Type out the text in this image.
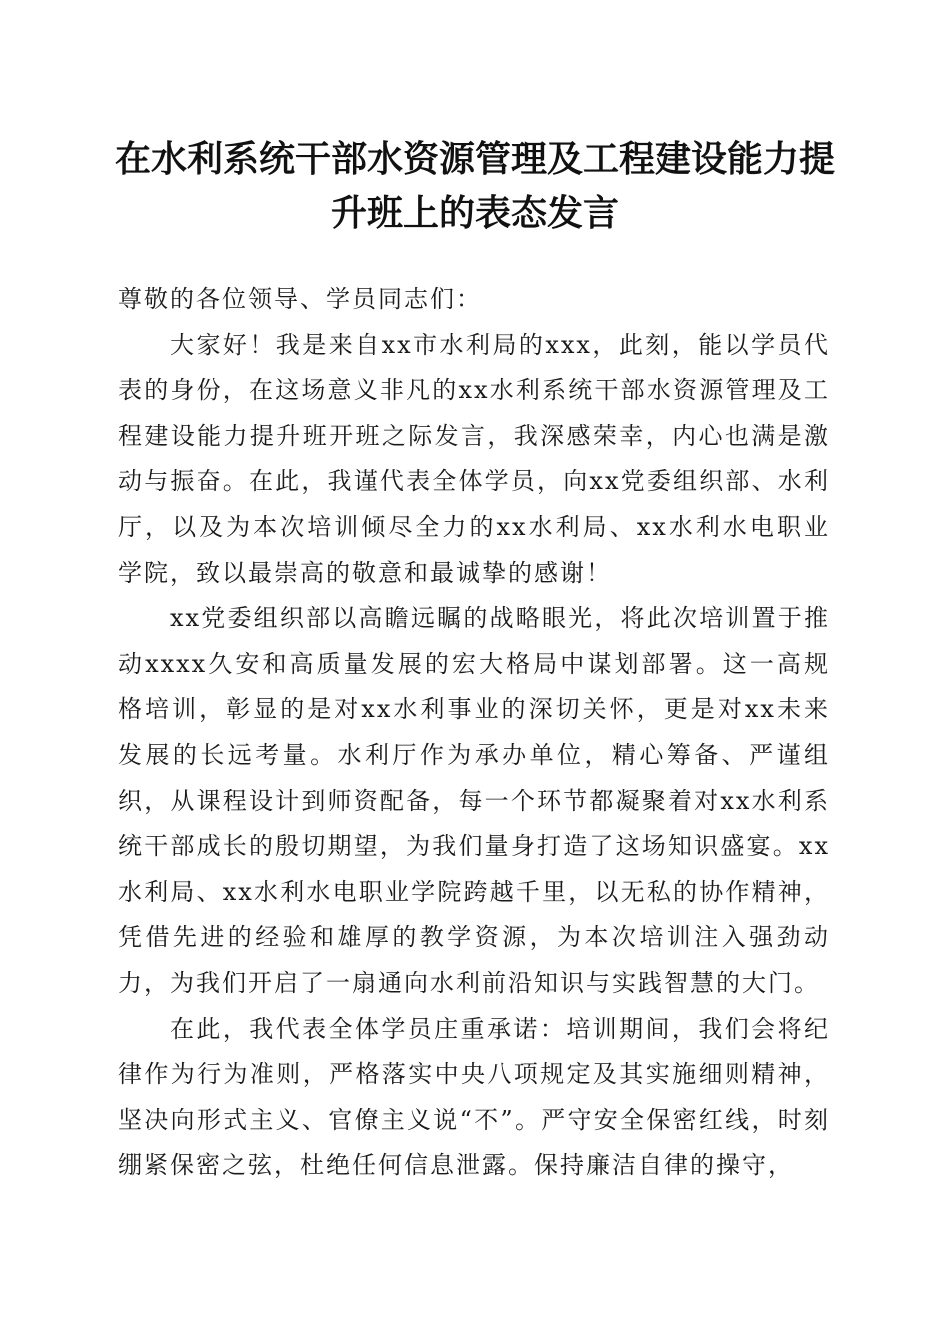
在水利系统干部水资源管理及工程建设能力提升班上的表态发言

尊敬的各位领导、学员同志们：

大家好！我是来自xx市水利局的xxx，此刻，能以学员代表的身份，在这场意义非凡的xx水利系统干部水资源管理及工程建设能力提升班开班之际发言，我深感荣幸，内心也满是激动与振奋。在此，我谨代表全体学员，向xx党委组织部、水利厅，以及为本次培训倾尽全力的xx水利局、xx水利水电职业学院，致以最崇高的敬意和最诚挚的感谢！

xx党委组织部以高瞻远瞩的战略眼光，将此次培训置于推动xxxx久安和高质量发展的宏大格局中谋划部署。这一高规格培训，彰显的是对xx水利事业的深切关怀，更是对xx未来发展的长远考量。水利厅作为承办单位，精心筹备、严谨组织，从课程设计到师资配备，每一个环节都凝聚着对xx水利系统干部成长的殷切期望，为我们量身打造了这场知识盛宴。xx水利局、xx水利水电职业学院跨越千里，以无私的协作精神，凭借先进的经验和雄厚的教学资源，为本次培训注入强劲动力，为我们开启了一扇通向水利前沿知识与实践智慧的大门。

在此，我代表全体学员庄重承诺：培训期间，我们会将纪律作为行为准则，严格落实中央八项规定及其实施细则精神，坚决向形式主义、官僚主义说“不”。严守安全保密红线，时刻绷紧保密之弦，杜绝任何信息泄露。保持廉洁自律的操守，
